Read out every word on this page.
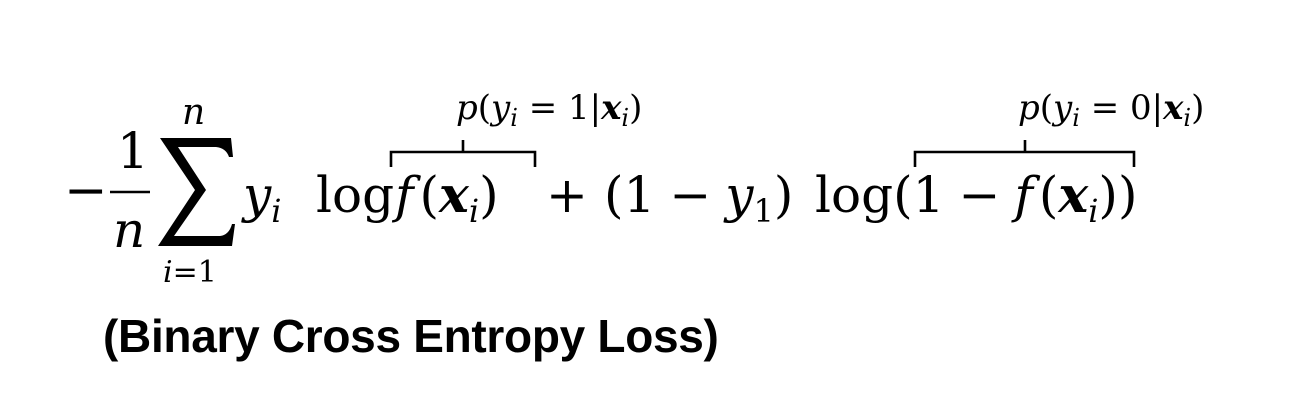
−
1
n
n
i=1
$y_i$ log f $(x_i) + (1 - y_1) \log(1 - f$ $(x_i)$)
$p(y_i = 1|x_i)$	$p(y_i = 0|x_i)$

(Binary Cross Entropy Loss)
